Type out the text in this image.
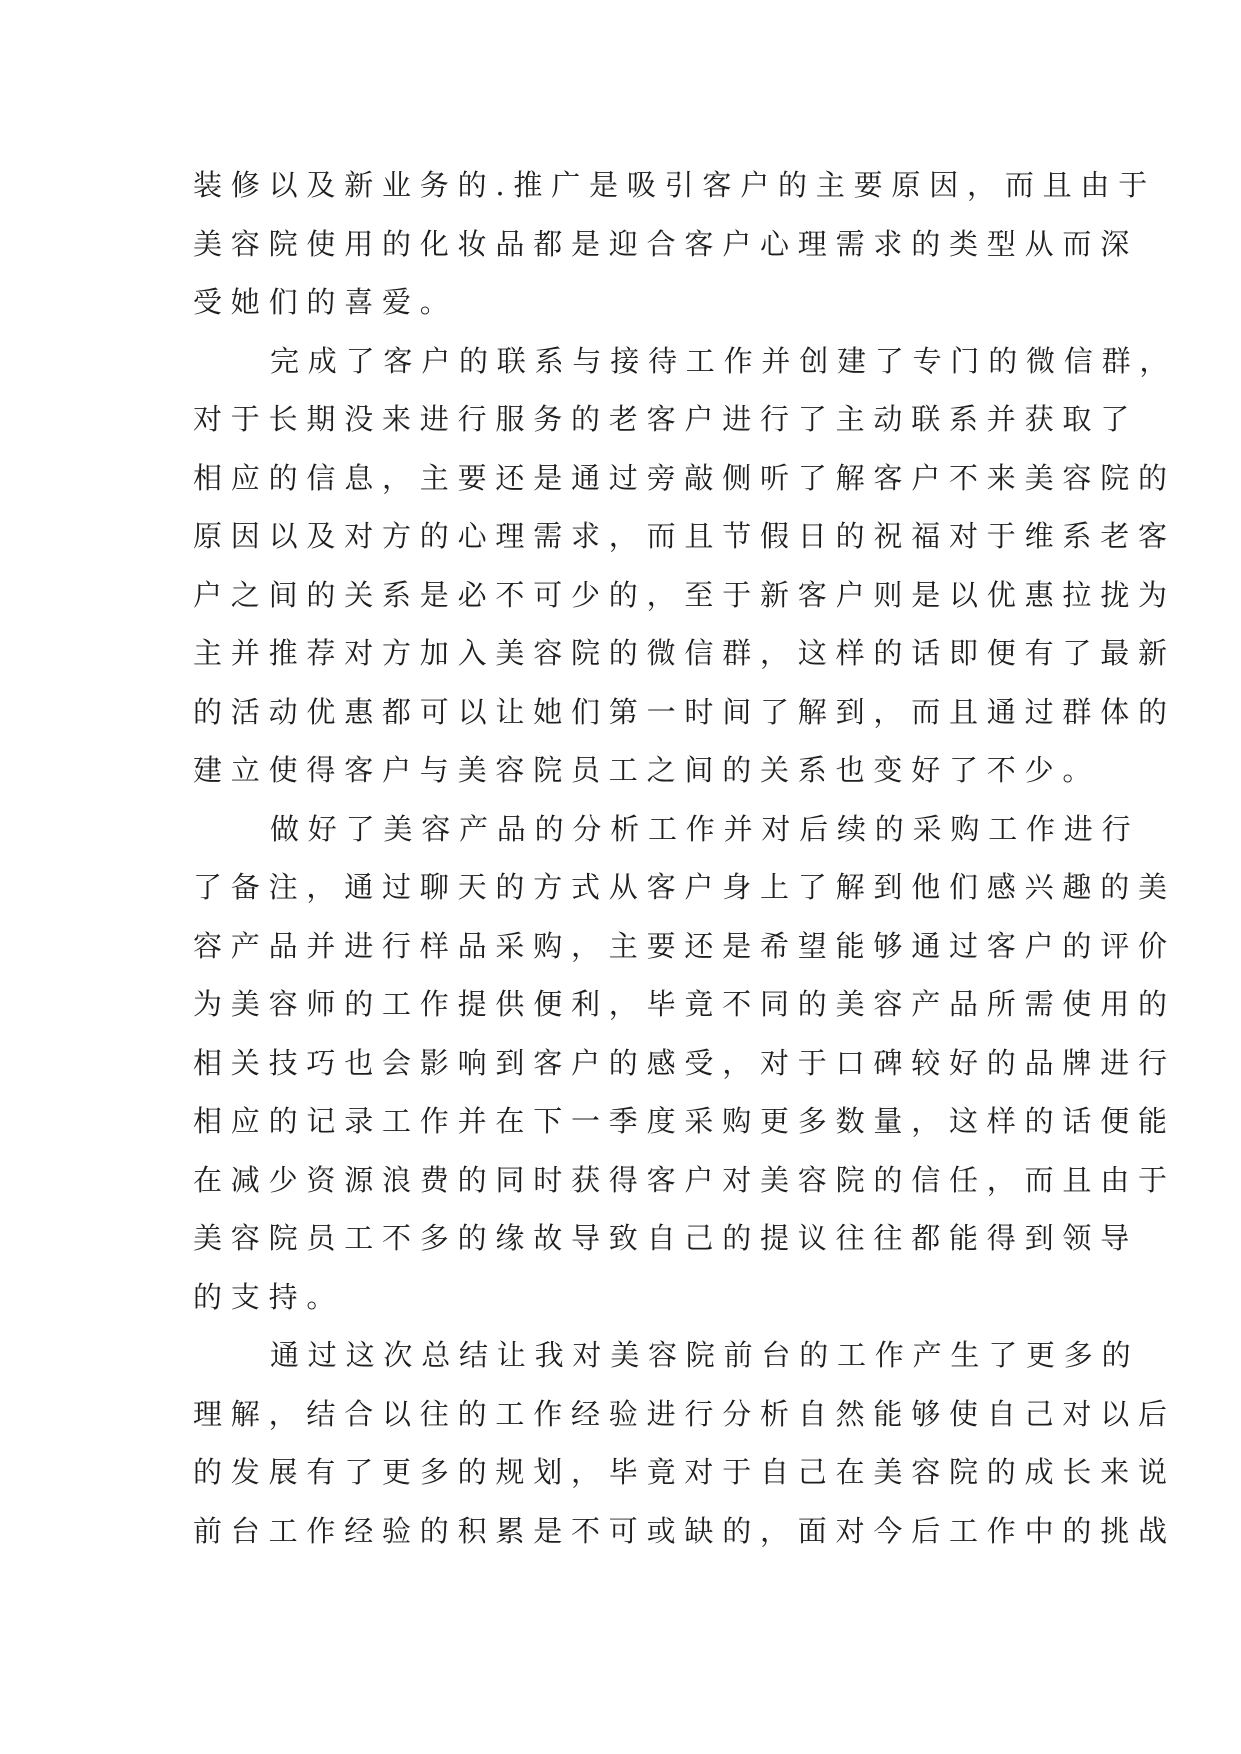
装修以及新业务的.推广是吸引客户的主要原因，而且由于
美容院使用的化妆品都是迎合客户心理需求的类型从而深
受她们的喜爱。
完成了客户的联系与接待工作并创建了专门的微信群，
对于长期没来进行服务的老客户进行了主动联系并获取了
相应的信息，主要还是通过旁敲侧听了解客户不来美容院的
原因以及对方的心理需求，而且节假日的祝福对于维系老客
户之间的关系是必不可少的，至于新客户则是以优惠拉拢为
主并推荐对方加入美容院的微信群，这样的话即便有了最新
的活动优惠都可以让她们第一时间了解到，而且通过群体的
建立使得客户与美容院员工之间的关系也变好了不少。
做好了美容产品的分析工作并对后续的采购工作进行
了备注，通过聊天的方式从客户身上了解到他们感兴趣的美
容产品并进行样品采购，主要还是希望能够通过客户的评价
为美容师的工作提供便利，毕竟不同的美容产品所需使用的
相关技巧也会影响到客户的感受，对于口碑较好的品牌进行
相应的记录工作并在下一季度采购更多数量，这样的话便能
在减少资源浪费的同时获得客户对美容院的信任，而且由于
美容院员工不多的缘故导致自己的提议往往都能得到领导
的支持。
通过这次总结让我对美容院前台的工作产生了更多的
理解，结合以往的工作经验进行分析自然能够使自己对以后
的发展有了更多的规划，毕竟对于自己在美容院的成长来说
前台工作经验的积累是不可或缺的，面对今后工作中的挑战
